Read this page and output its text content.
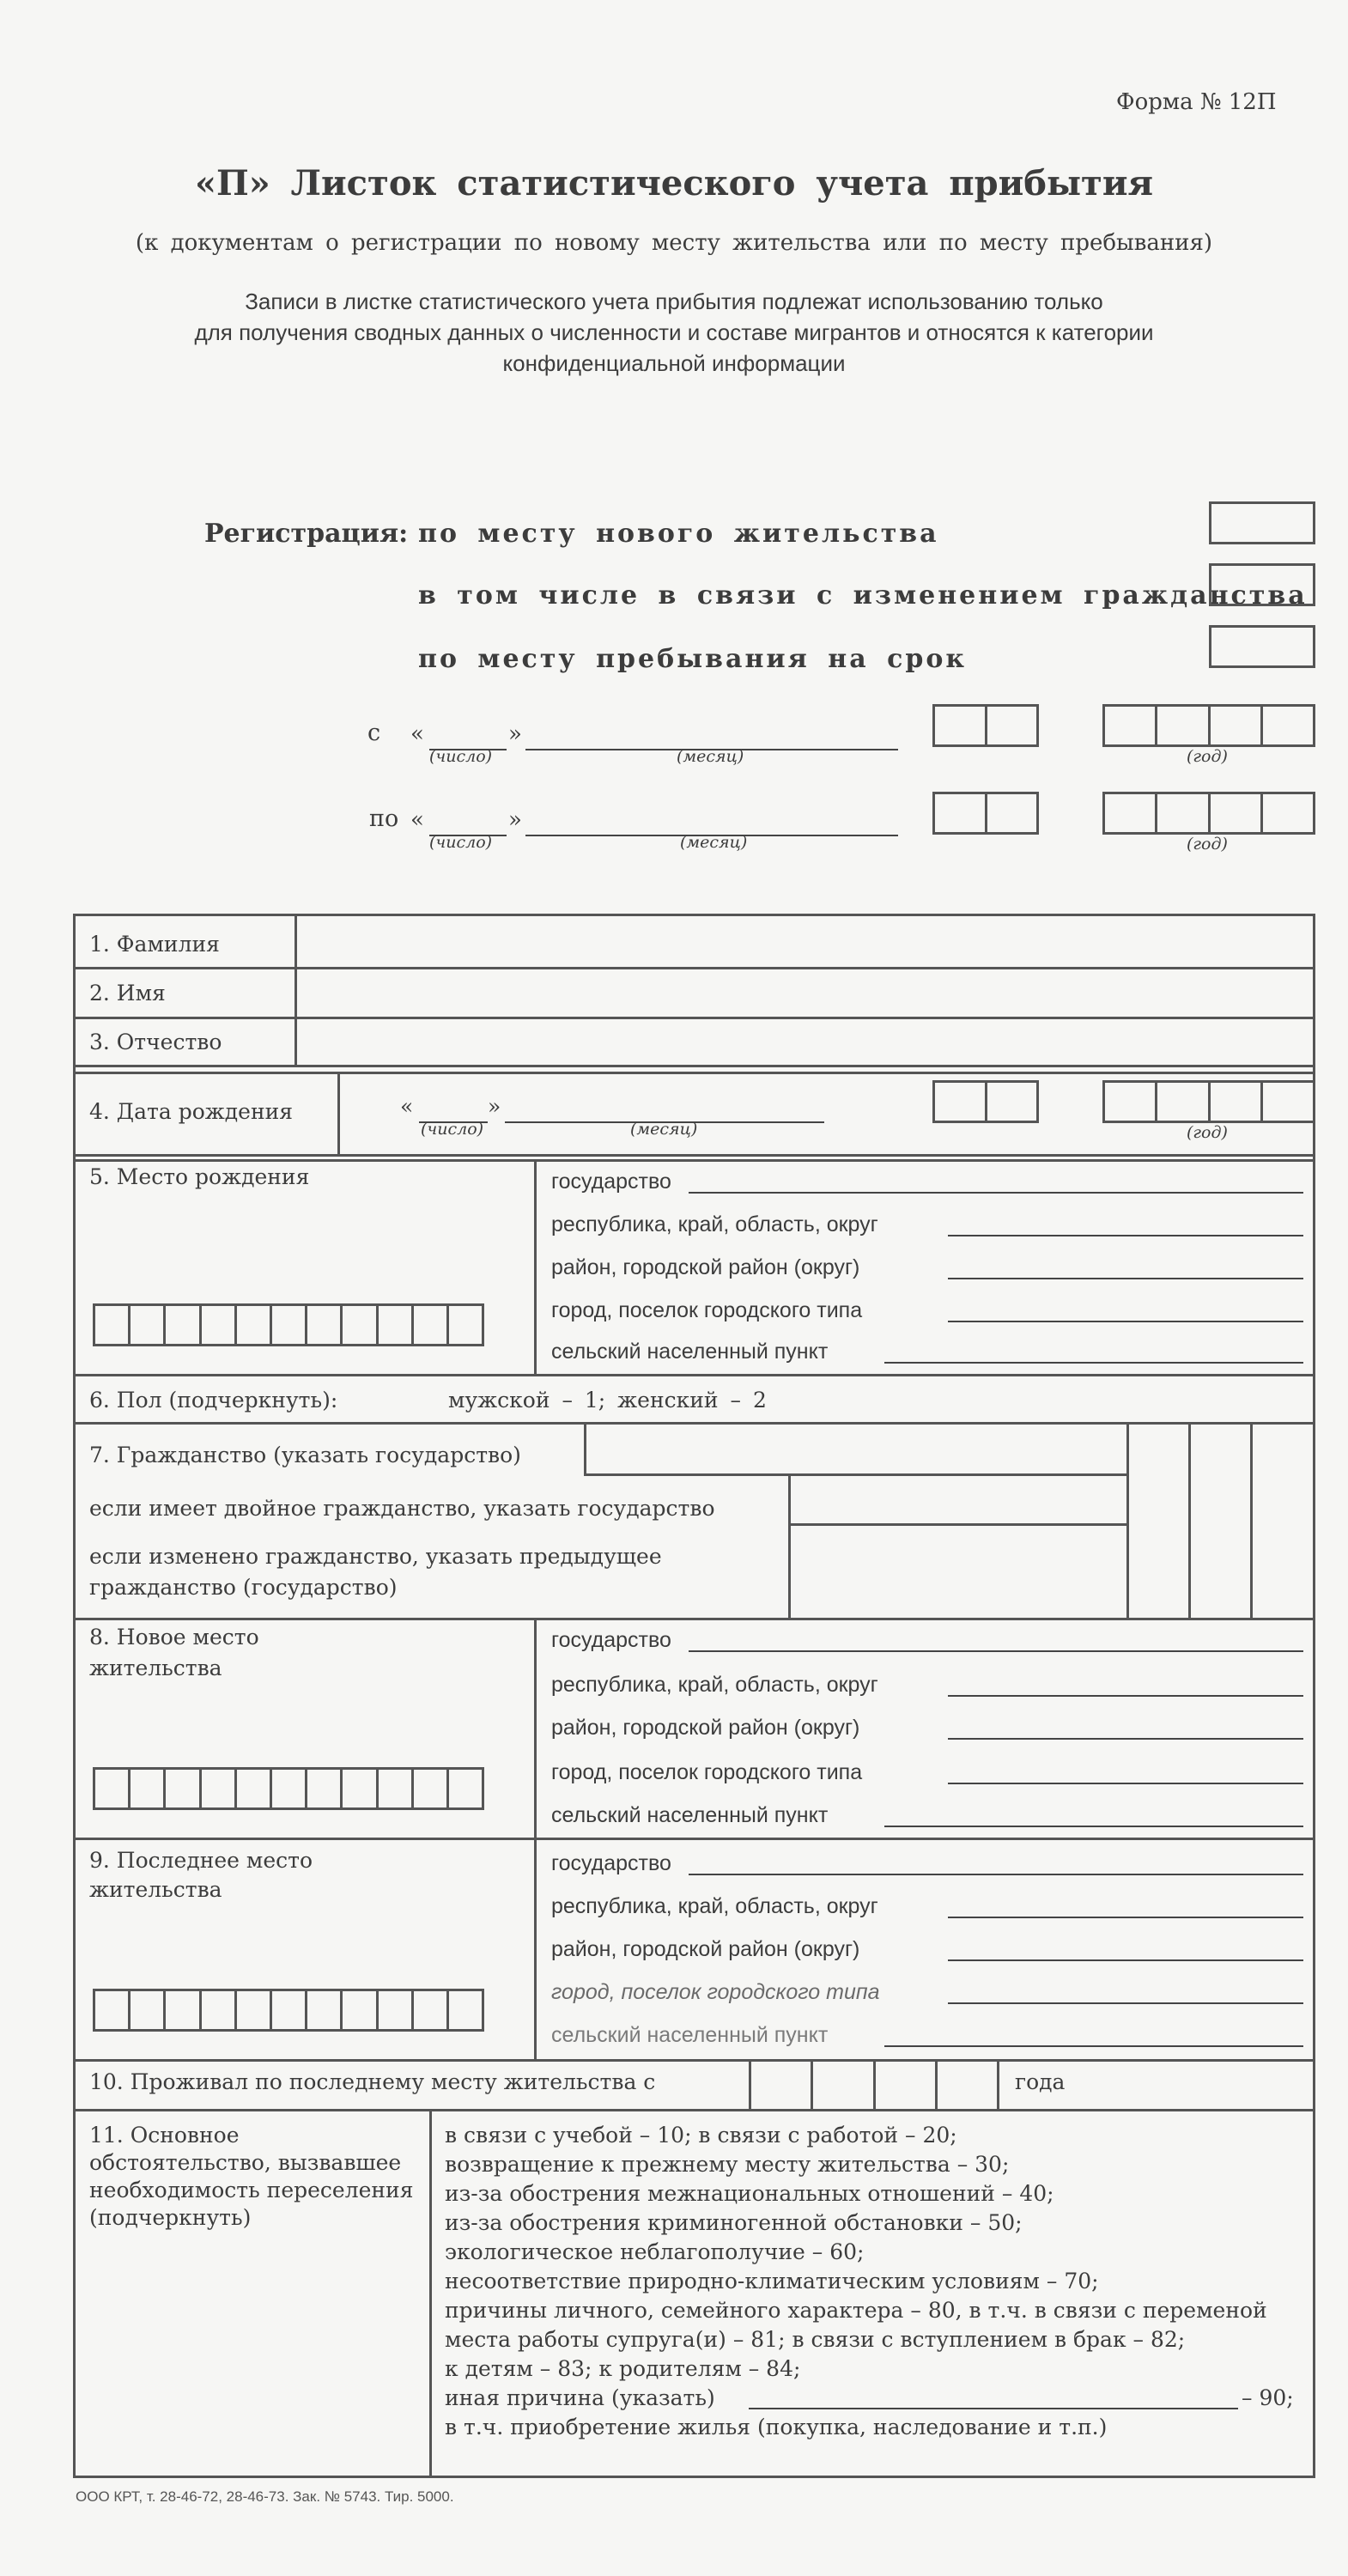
Форма № 12П
«П» Листок статистического учета прибытия
(к документам о регистрации по новому месту жительства или по месту пребывания)
Записи в листке статистического учета прибытия подлежат использованию только
для получения сводных данных о численности и составе мигрантов и относятся к категории
конфиденциальной информации
Регистрация: по месту нового жительства
в том числе в связи с изменением гражданства
по месту пребывания на срок
с «	»
(число)	(месяц)	(год)
по «	»
(число)	(месяц)	(год)
1. Фамилия
2. Имя
3. Отчество
4. Дата рождения	«	»
(число)	(месяц)	(год)
5. Место рождения	государство
республика, край, область, округ
район, городской район (округ)
город, поселок городского типа
сельский населенный пункт
6. Пол (подчеркнуть):	мужской – 1; женский – 2
7. Гражданство (указать государство)
если имеет двойное гражданство, указать государство
если изменено гражданство, указать предыдущее
гражданство (государство)
8. Новое место
жительства
государство
республика, край, область, округ
район, городской район (округ)
город, поселок городского типа
сельский населенный пункт
9. Последнее место
жительства
государство
республика, край, область, округ
район, городской район (округ)
город, поселок городского типа
сельский населенный пункт
10. Проживал по последнему месту жительства с	года
11. Основное
обстоятельство, вызвавшее
необходимость переселения
(подчеркнуть)
в связи с учебой – 10; в связи с работой – 20;
возвращение к прежнему месту жительства – 30;
из-за обострения межнациональных отношений – 40;
из-за обострения криминогенной обстановки – 50;
экологическое неблагополучие – 60;
несоответствие природно-климатическим условиям – 70;
причины личного, семейного характера – 80, в т.ч. в связи с переменой
места работы супруга(и) – 81; в связи с вступлением в брак – 82;
к детям – 83; к родителям – 84;
иная причина (указать)	– 90;
в т.ч. приобретение жилья (покупка, наследование и т.п.)
ООО КРТ, т. 28-46-72, 28-46-73. Зак. № 5743. Тир. 5000.
